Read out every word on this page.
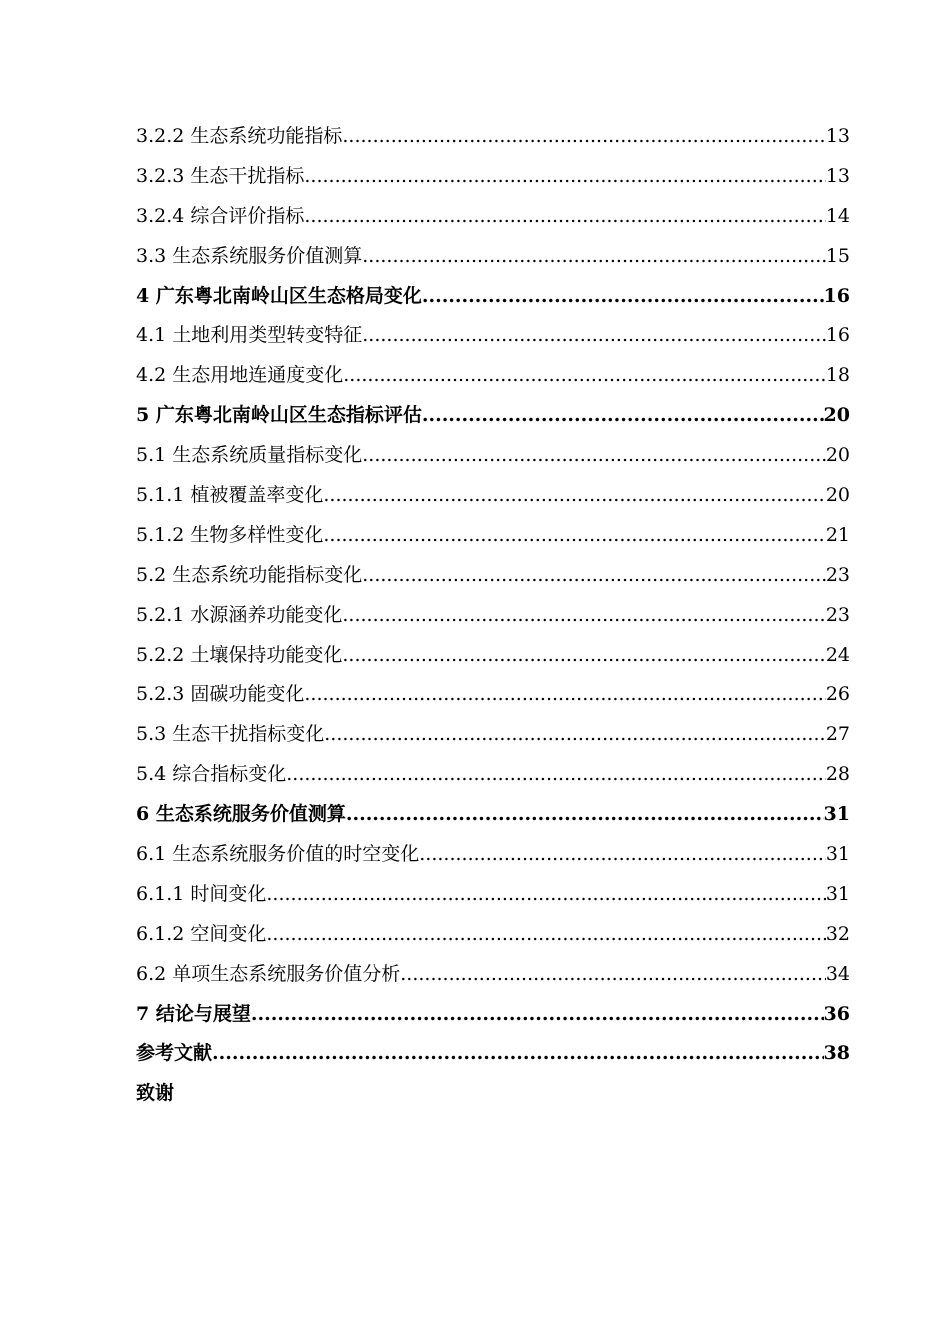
3.2.2 生态系统功能指标 .....	13
3.2.3 生态干扰指标 .....	13
3.2.4 综合评价指标 .....	14
3.3 生态系统服务价值测算 .....	15
4 广东粤北南岭山区生态格局变化 .....	16
4.1 土地利用类型转变特征 .....	16
4.2 生态用地连通度变化 .....	18
5 广东粤北南岭山区生态指标评估 .....	20
5.1 生态系统质量指标变化 .....	20
5.1.1 植被覆盖率变化 .....	20
5.1.2 生物多样性变化 .....	21
5.2 生态系统功能指标变化 .....	23
5.2.1 水源涵养功能变化 .....	23
5.2.2 土壤保持功能变化 .....	24
5.2.3 固碳功能变化 .....	26
5.3 生态干扰指标变化 .....	27
5.4 综合指标变化 .....	28
6 生态系统服务价值测算 .....	31
6.1 生态系统服务价值的时空变化 .....	31
6.1.1 时间变化 .....	31
6.1.2 空间变化 .....	32
6.2 单项生态系统服务价值分析 .....	34
7 结论与展望 .....	36
参考文献 .....	38
致谢
